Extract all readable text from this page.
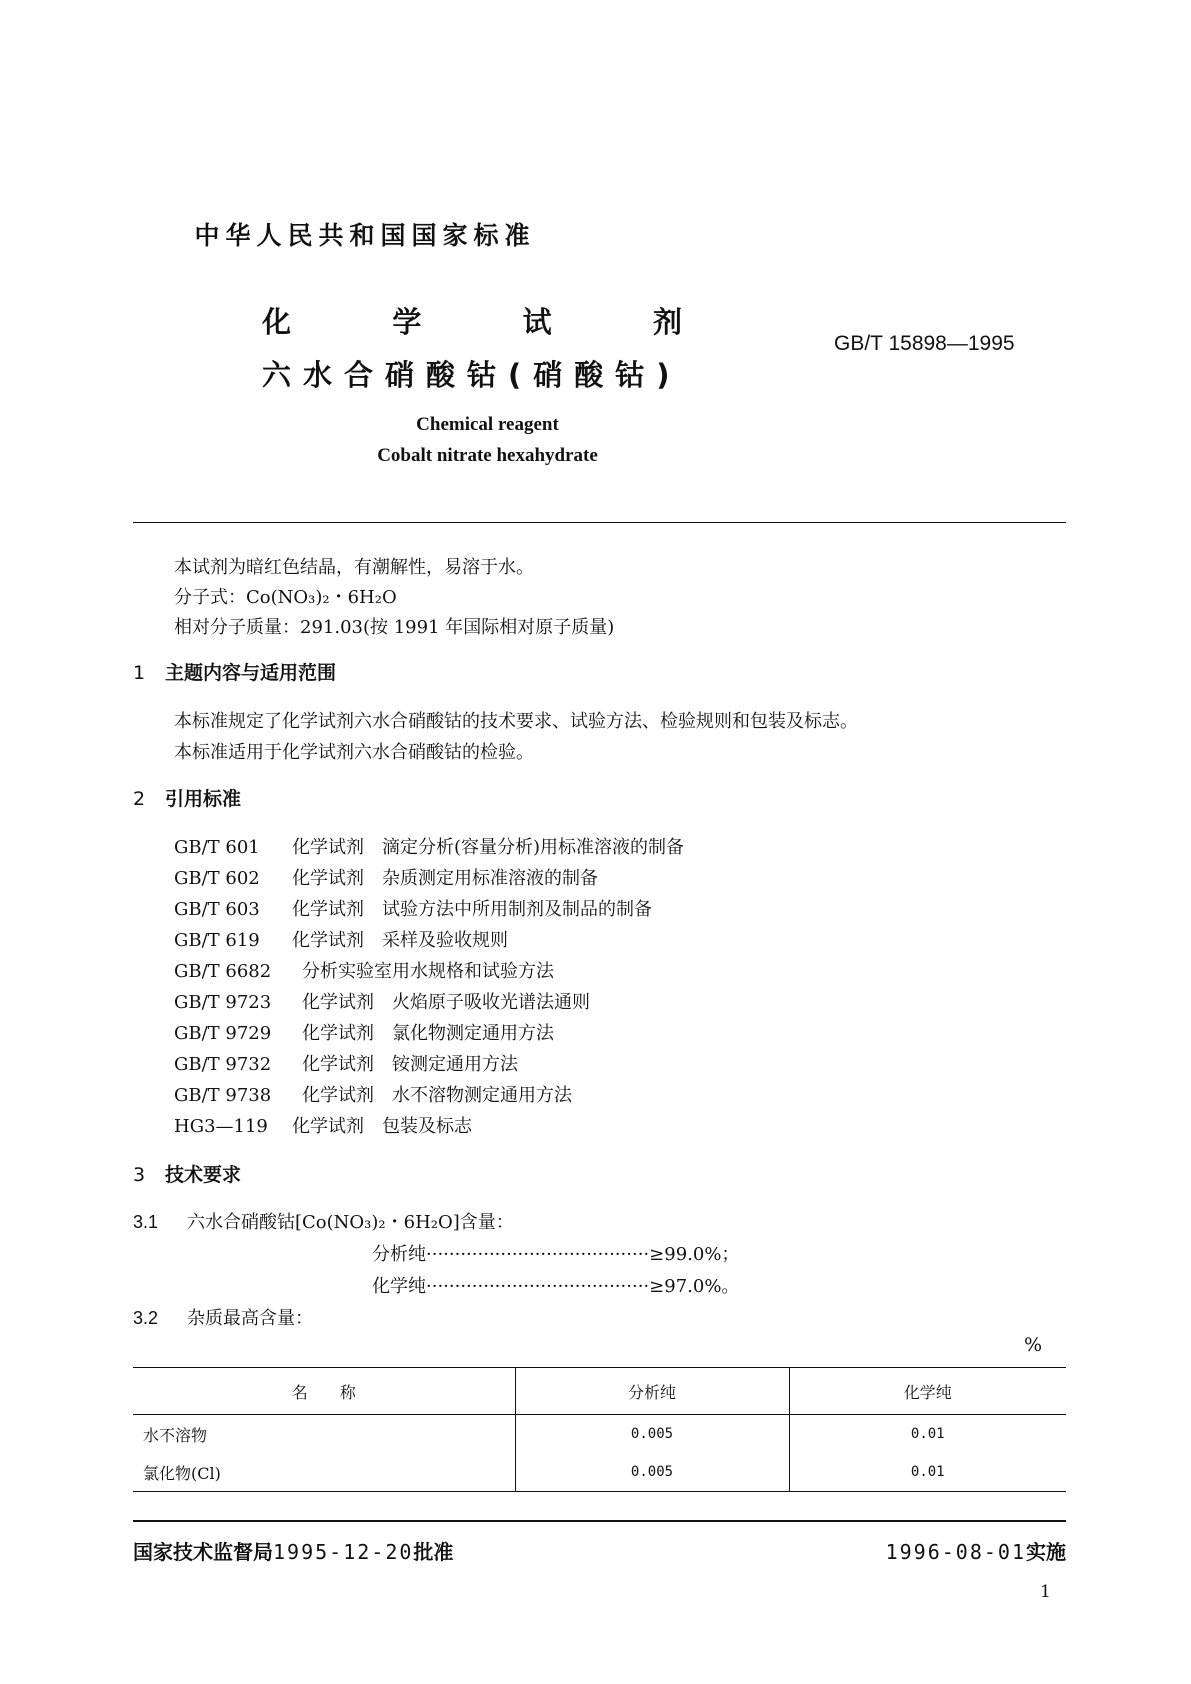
中华人民共和国国家标准
化	学	试	剂
六水合硝酸钴(硝酸钴)
GB/T 15898—1995
Chemical reagent
Cobalt nitrate hexahydrate
本试剂为暗红色结晶，有潮解性，易溶于水。
分子式：Co(NO₃)₂・6H₂O
相对分子质量：291.03(按 1991 年国际相对原子质量)
1 主题内容与适用范围
本标准规定了化学试剂六水合硝酸钴的技术要求、试验方法、检验规则和包装及标志。
本标准适用于化学试剂六水合硝酸钴的检验。
2 引用标准
GB/T 601 化学试剂　滴定分析(容量分析)用标准溶液的制备
GB/T 602 化学试剂　杂质测定用标准溶液的制备
GB/T 603 化学试剂　试验方法中所用制剂及制品的制备
GB/T 619 化学试剂　采样及验收规则
GB/T 6682 分析实验室用水规格和试验方法
GB/T 9723 化学试剂　火焰原子吸收光谱法通则
GB/T 9729 化学试剂　氯化物测定通用方法
GB/T 9732 化学试剂　铵测定通用方法
GB/T 9738 化学试剂　水不溶物测定通用方法
HG3—119 化学试剂　包装及标志
3 技术要求
3.1 六水合硝酸钴[Co(NO₃)₂・6H₂O]含量：
分析纯·······································≥99.0%；
化学纯·······································≥97.0%。
3.2 杂质最高含量：
%
名　　称	分析纯	化学纯
水不溶物	0.005	0.01
氯化物(Cl)	0.005	0.01
国家技术监督局1995-12-20批准	1996-08-01实施
1
